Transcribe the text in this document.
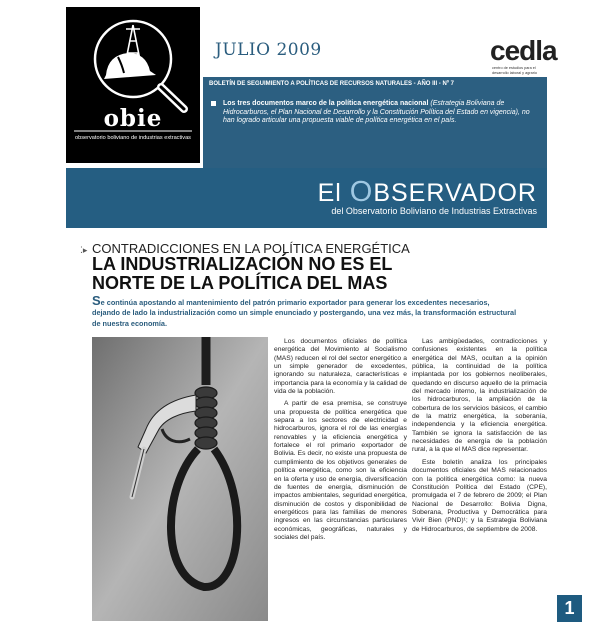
obie
observatorio boliviano de industrias extractivas
JULIO 2009	cedla
centro de estudios para el desarrollo laboral y agrario
BOLETÍN DE SEGUIMIENTO A POLÍTICAS DE RECURSOS NATURALES - AÑO III - Nº 7
Los tres documentos marco de la política energética nacional (Estrategia Boliviana de Hidrocarburos, el Plan Nacional de Desarrollo y la Constitución Política del Estado en vigencia), no han logrado articular una propuesta viable de política energética en el país.
El OBSERVADOR
del Observatorio Boliviano de Industrias Extractivas
⁚▸ CONTRADICCIONES EN LA POLÍTICA ENERGÉTICA
LA INDUSTRIALIZACIÓN NO ES EL NORTE DE LA POLÍTICA DEL MAS
Se continúa apostando al mantenimiento del patrón primario exportador para generar los excedentes necesarios, dejando de lado la industrialización como un simple enunciado y postergando, una vez más, la transformación estructural de nuestra economía.

Los documentos oficiales de política energética del Movimiento al Socialismo (MAS) reducen el rol del sector energético a un simple generador de excedentes, ignorando su naturaleza, características e importancia para la economía y la calidad de vida de la población.

A partir de esa premisa, se construye una propuesta de política energética que separa a los sectores de electricidad e hidrocarburos, ignora el rol de las energías renovables y la eficiencia energética y fortalece el rol primario exportador de Bolivia. Es decir, no existe una propuesta de cumplimiento de los objetivos generales de política energética, como son la eficiencia en la oferta y uso de energía, diversificación de fuentes de energía, disminución de impactos ambientales, seguridad energética, disminución de costos y disponibilidad de energéticos para las familias de menores ingresos en las circunstancias particulares económicas, geográficas, naturales y sociales del país.

Las ambigüedades, contradicciones y confusiones existentes en la política energética del MAS, ocultan a la opinión pública, la continuidad de la política implantada por los gobiernos neoliberales, quedando en discurso aquello de la primacía del mercado interno, la industrialización de los hidrocarburos, la ampliación de la cobertura de los servicios básicos, el cambio de la matriz energética, la soberanía, independencia y la eficiencia energética. También se ignora la satisfacción de las necesidades de energía de la población rural, a la que el MAS dice representar.

Este boletín analiza los principales documentos oficiales del MAS relacionados con la política energética como: la nueva Constitución Política del Estado (CPE), promulgada el 7 de febrero de 2009; el Plan Nacional de Desarrollo: Bolivia Digna, Soberana, Productiva y Democrática para Vivir Bien (PND)¹; y la Estrategia Boliviana de Hidrocarburos, de septiembre de 2008.

1
